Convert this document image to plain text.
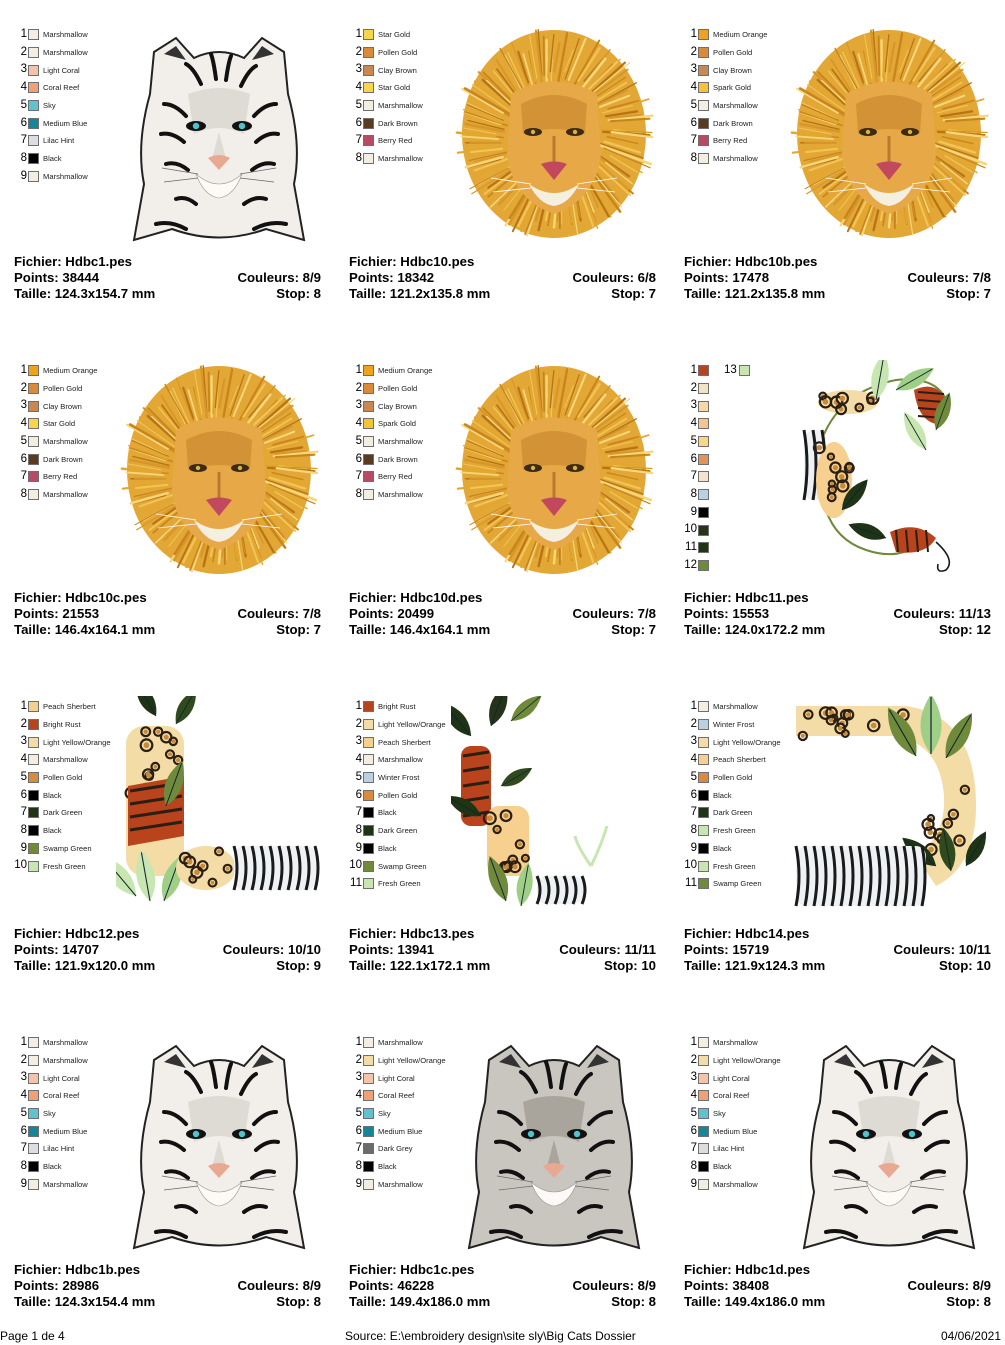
1 Marshmallow
2 Marshmallow
3 Light Coral
4 Coral Reef
5 Sky
6 Medium Blue
7 Lilac Hint
8 Black
9 Marshmallow
Fichier: Hdbc1.pes
Points: 38444	Couleurs: 8/9
Taille: 124.3x154.7 mm	Stop: 8
1 Star Gold
2 Pollen Gold
3 Clay Brown
4 Star Gold
5 Marshmallow
6 Dark Brown
7 Berry Red
8 Marshmallow
Fichier: Hdbc10.pes
Points: 18342	Couleurs: 6/8
Taille: 121.2x135.8 mm	Stop: 7
1 Medium Orange
2 Pollen Gold
3 Clay Brown
4 Spark Gold
5 Marshmallow
6 Dark Brown
7 Berry Red
8 Marshmallow
Fichier: Hdbc10b.pes
Points: 17478	Couleurs: 7/8
Taille: 121.2x135.8 mm	Stop: 7
1 Medium Orange
2 Pollen Gold
3 Clay Brown
4 Star Gold
5 Marshmallow
6 Dark Brown
7 Berry Red
8 Marshmallow
Fichier: Hdbc10c.pes
Points: 21553	Couleurs: 7/8
Taille: 146.4x164.1 mm	Stop: 7
1 Medium Orange
2 Pollen Gold
3 Clay Brown
4 Spark Gold
5 Marshmallow
6 Dark Brown
7 Berry Red
8 Marshmallow
Fichier: Hdbc10d.pes
Points: 20499	Couleurs: 7/8
Taille: 146.4x164.1 mm	Stop: 7
1
2
3
4
5
6
7
8
9
10
11
12
13
Fichier: Hdbc11.pes
Points: 15553	Couleurs: 11/13
Taille: 124.0x172.2 mm	Stop: 12
1 Peach Sherbert
2 Bright Rust
3 Light Yellow/Orange
4 Marshmallow
5 Pollen Gold
6 Black
7 Dark Green
8 Black
9 Swamp Green
10 Fresh Green
Fichier: Hdbc12.pes
Points: 14707	Couleurs: 10/10
Taille: 121.9x120.0 mm	Stop: 9
1 Bright Rust
2 Light Yellow/Orange
3 Peach Sherbert
4 Marshmallow
5 Winter Frost
6 Pollen Gold
7 Black
8 Dark Green
9 Black
10 Swamp Green
11 Fresh Green
Fichier: Hdbc13.pes
Points: 13941	Couleurs: 11/11
Taille: 122.1x172.1 mm	Stop: 10
1 Marshmallow
2 Winter Frost
3 Light Yellow/Orange
4 Peach Sherbert
5 Pollen Gold
6 Black
7 Dark Green
8 Fresh Green
9 Black
10 Fresh Green
11 Swamp Green
Fichier: Hdbc14.pes
Points: 15719	Couleurs: 10/11
Taille: 121.9x124.3 mm	Stop: 10
1 Marshmallow
2 Marshmallow
3 Light Coral
4 Coral Reef
5 Sky
6 Medium Blue
7 Lilac Hint
8 Black
9 Marshmallow
Fichier: Hdbc1b.pes
Points: 28986	Couleurs: 8/9
Taille: 124.3x154.4 mm	Stop: 8
1 Marshmallow
2 Light Yellow/Orange
3 Light Coral
4 Coral Reef
5 Sky
6 Medium Blue
7 Dark Grey
8 Black
9 Marshmallow
Fichier: Hdbc1c.pes
Points: 46228	Couleurs: 8/9
Taille: 149.4x186.0 mm	Stop: 8
1 Marshmallow
2 Light Yellow/Orange
3 Light Coral
4 Coral Reef
5 Sky
6 Medium Blue
7 Lilac Hint
8 Black
9 Marshmallow
Fichier: Hdbc1d.pes
Points: 38408	Couleurs: 8/9
Taille: 149.4x186.0 mm	Stop: 8
Page 1 de 4	Source: E:\embroidery design\site sly\Big Cats Dossier	04/06/2021
